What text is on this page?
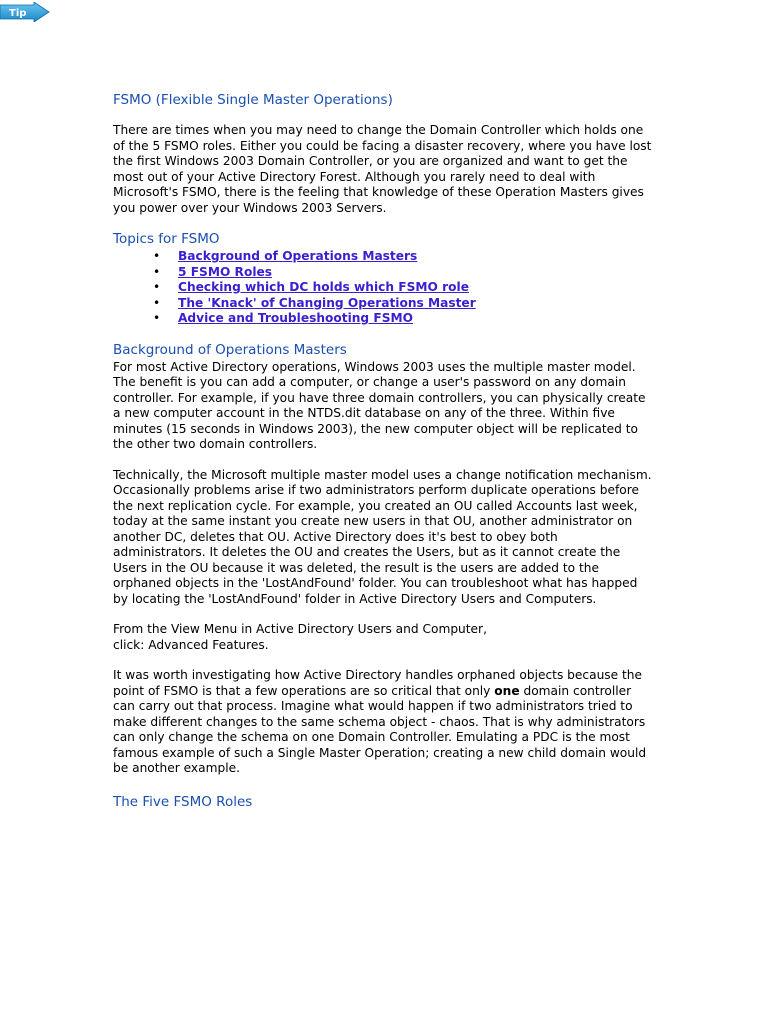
Tip
FSMO (Flexible Single Master Operations)

There are times when you may need to change the Domain Controller which holds one of the 5 FSMO roles. Either you could be facing a disaster recovery, where you have lost the first Windows 2003 Domain Controller, or you are organized and want to get the most out of your Active Directory Forest. Although you rarely need to deal with Microsoft's FSMO, there is the feeling that knowledge of these Operation Masters gives you power over your Windows 2003 Servers.

Topics for FSMO
• Background of Operations Masters
• 5 FSMO Roles
• Checking which DC holds which FSMO role
• The 'Knack' of Changing Operations Master
• Advice and Troubleshooting FSMO
Background of Operations Masters

For most Active Directory operations, Windows 2003 uses the multiple master model. The benefit is you can add a computer, or change a user's password on any domain controller. For example, if you have three domain controllers, you can physically create a new computer account in the NTDS.dit database on any of the three. Within five minutes (15 seconds in Windows 2003), the new computer object will be replicated to the other two domain controllers.

Technically, the Microsoft multiple master model uses a change notification mechanism. Occasionally problems arise if two administrators perform duplicate operations before the next replication cycle. For example, you created an OU called Accounts last week, today at the same instant you create new users in that OU, another administrator on another DC, deletes that OU. Active Directory does it's best to obey both administrators. It deletes the OU and creates the Users, but as it cannot create the Users in the OU because it was deleted, the result is the users are added to the orphaned objects in the 'LostAndFound' folder. You can troubleshoot what has happed by locating the 'LostAndFound' folder in Active Directory Users and Computers.

From the View Menu in Active Directory Users and Computer,
click: Advanced Features.

It was worth investigating how Active Directory handles orphaned objects because the point of FSMO is that a few operations are so critical that only one domain controller can carry out that process. Imagine what would happen if two administrators tried to make different changes to the same schema object - chaos. That is why administrators can only change the schema on one Domain Controller. Emulating a PDC is the most famous example of such a Single Master Operation; creating a new child domain would be another example.

The Five FSMO Roles
